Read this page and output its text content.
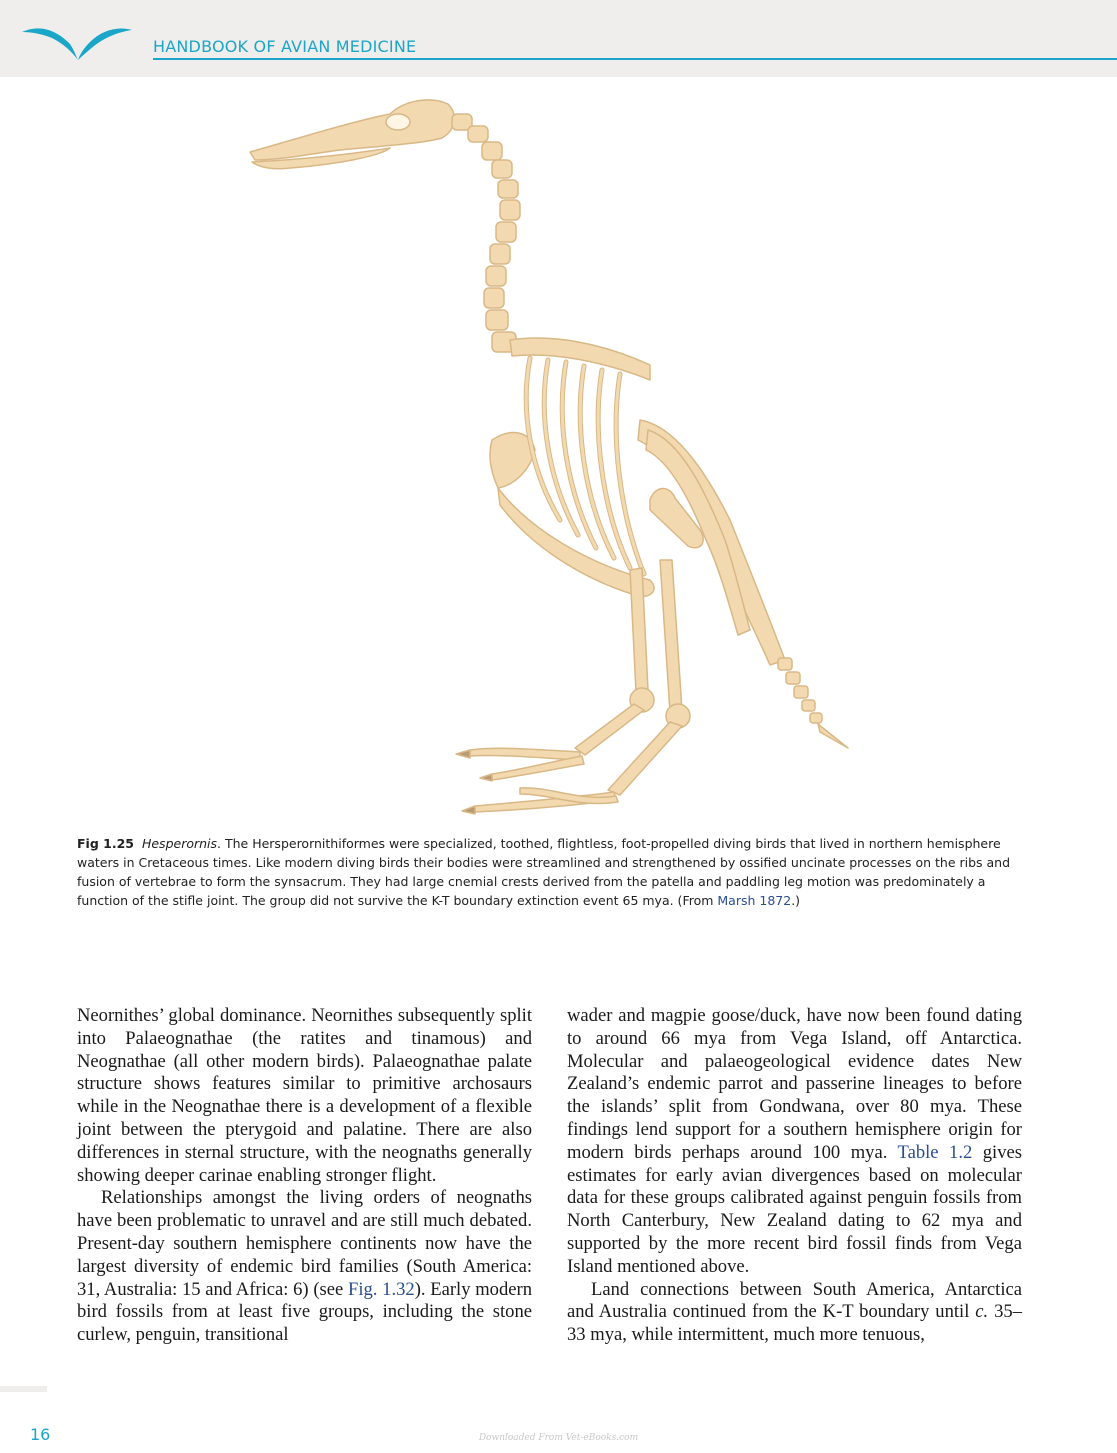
HANDBOOK OF AVIAN MEDICINE
Fig 1.25 Hesperornis. The Hersperornithiformes were specialized, toothed, flightless, foot-propelled diving birds that lived in northern hemisphere waters in Cretaceous times. Like modern diving birds their bodies were streamlined and strengthened by ossified uncinate processes on the ribs and fusion of vertebrae to form the synsacrum. They had large cnemial crests derived from the patella and paddling leg motion was predominately a function of the stifle joint. The group did not survive the K-T boundary extinction event 65 mya. (From Marsh 1872.)

Neornithes’ global dominance. Neornithes subsequently split into Palaeognathae (the ratites and tinamous) and Neognathae (all other modern birds). Palaeognathae palate structure shows features similar to primitive archosaurs while in the Neognathae there is a development of a flexible joint between the pterygoid and palatine. There are also differences in sternal structure, with the neognaths generally showing deeper carinae enabling stronger flight.

Relationships amongst the living orders of neognaths have been problematic to unravel and are still much debated. Present-day southern hemisphere continents now have the largest diversity of endemic bird families (South America: 31, Australia: 15 and Africa: 6) (see Fig. 1.32). Early modern bird fossils from at least five groups, including the stone curlew, penguin, transitional

wader and magpie goose/duck, have now been found dating to around 66 mya from Vega Island, off Antarctica. Molecular and palaeogeological evidence dates New Zealand’s endemic parrot and passerine lineages to before the islands’ split from Gondwana, over 80 mya. These findings lend support for a southern hemisphere origin for modern birds perhaps around 100 mya. Table 1.2 gives estimates for early avian divergences based on molecular data for these groups calibrated against penguin fossils from North Canterbury, New Zealand dating to 62 mya and supported by the more recent bird fossil finds from Vega Island mentioned above.

Land connections between South America, Antarctica and Australia continued from the K-T boundary until c. 35–33 mya, while intermittent, much more tenuous,

16	Downloaded From Vet-eBooks.com
